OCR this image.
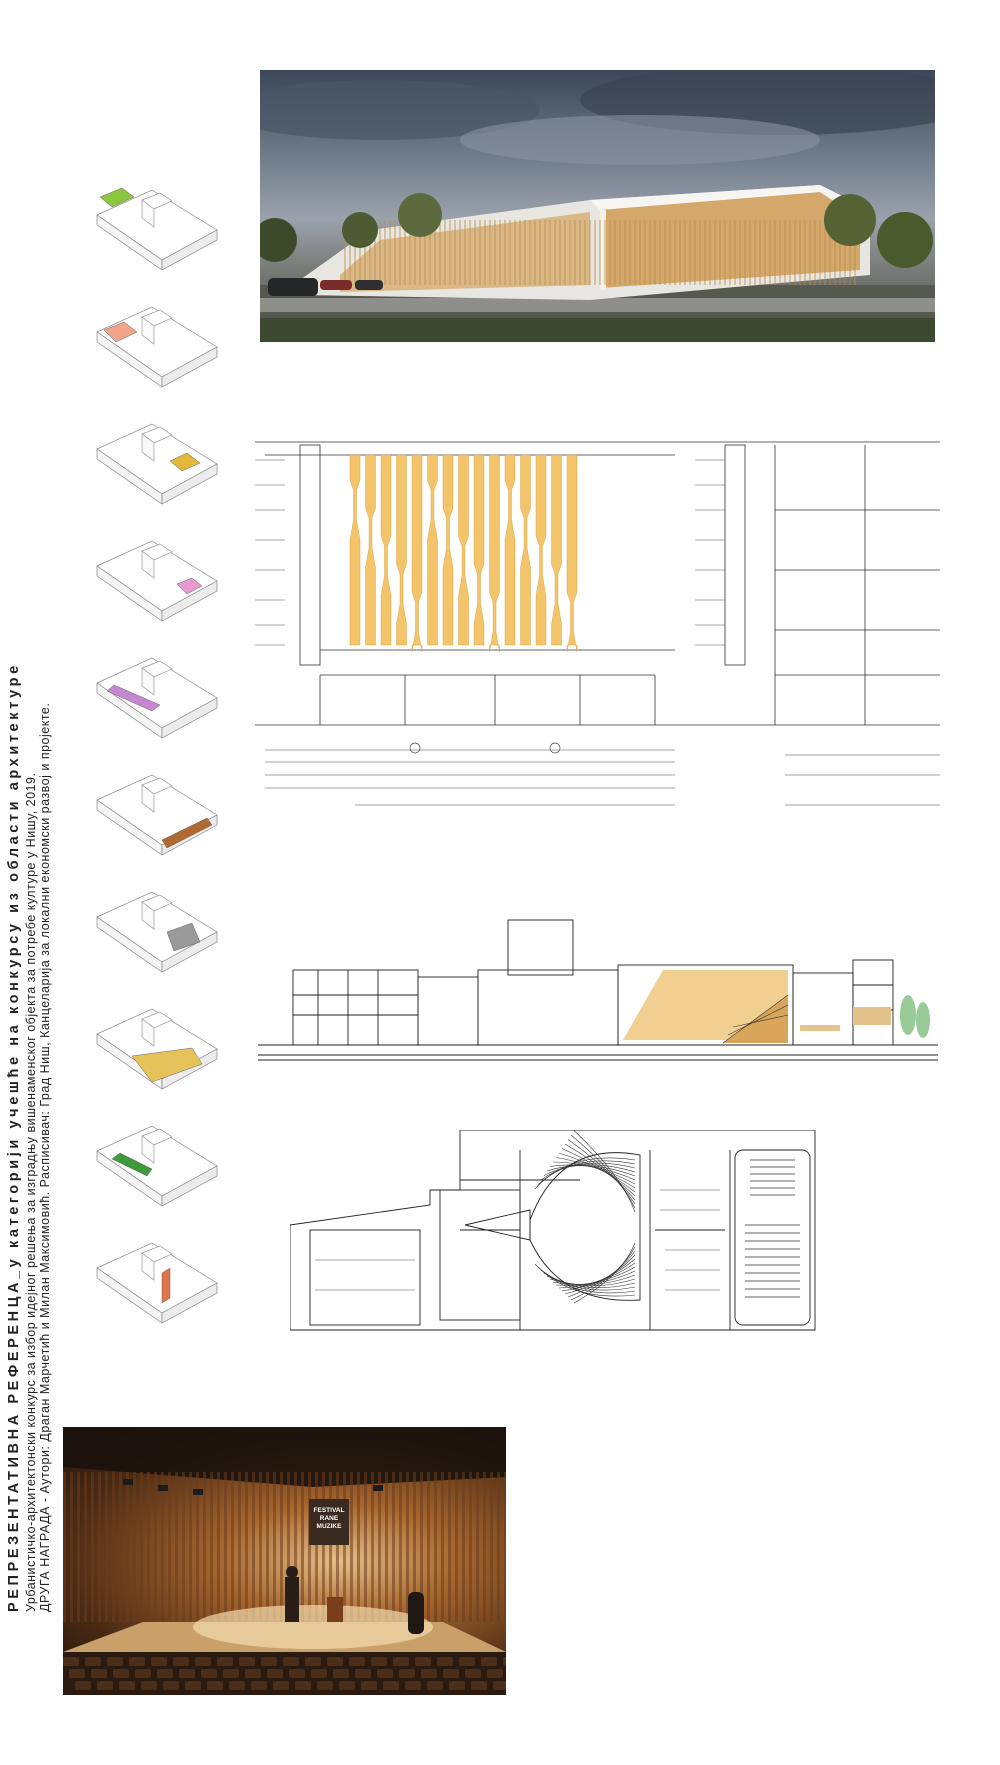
РЕПРЕЗЕНТАТИВНА РЕФЕРЕНЦА_у категорији учешће на конкурсу из области архитектуре Урбанистичко-архитектонски конкурс за избор идејног решења за изградњу вишенаменског објекта за потребе културе у Нишу, 2019. ДРУГА НАГРАДА - Аутори: Драган Марчетић и Милан Максимовић. Расписивач: Град Ниш, Канцеларија за локални економски развој и пројекте.	FESTIVAL
RANE
MUZIKE
